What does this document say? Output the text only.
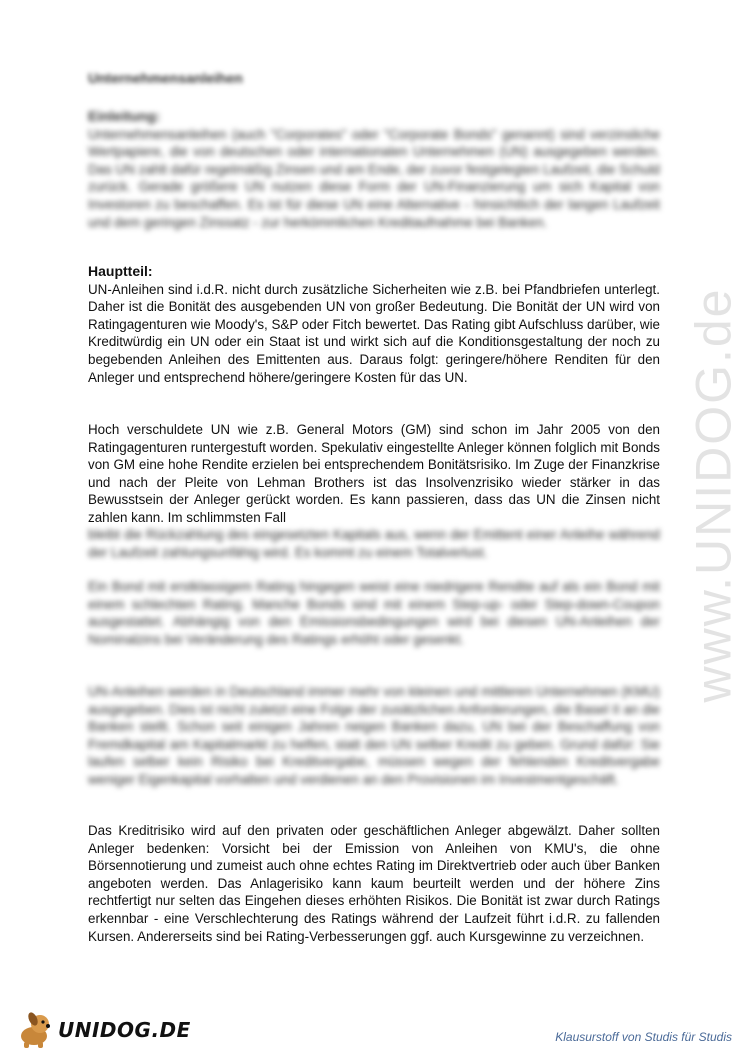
Unternehmensanleihen
Einleitung:
Unternehmensanleihen (auch "Corporates" oder "Corporate Bonds" genannt) sind verzinsliche Wertpapiere, die von deutschen oder internationalen Unternehmen (UN) ausgegeben werden. Das UN zahlt dafür regelmäßig Zinsen und am Ende, der zuvor festgelegten Laufzeit, die Schuld zurück. Gerade größere UN nutzen diese Form der UN-Finanzierung um sich Kapital von Investoren zu beschaffen. Es ist für diese UN eine Alternative - hinsichtlich der langen Laufzeit und dem geringen Zinssatz - zur herkömmlichen Kreditaufnahme bei Banken.
Hauptteil:
UN-Anleihen sind i.d.R. nicht durch zusätzliche Sicherheiten wie z.B. bei Pfandbriefen unterlegt. Daher ist die Bonität des ausgebenden UN von großer Bedeutung. Die Bonität der UN wird von Ratingagenturen wie Moody's, S&P oder Fitch bewertet. Das Rating gibt Aufschluss darüber, wie Kreditwürdig ein UN oder ein Staat ist und wirkt sich auf die Konditionsgestaltung der noch zu begebenden Anleihen des Emittenten aus. Daraus folgt: geringere/höhere Renditen für den Anleger und entsprechend höhere/geringere Kosten für das UN.
Hoch verschuldete UN wie z.B. General Motors (GM) sind schon im Jahr 2005 von den Ratingagenturen runtergestuft worden. Spekulativ eingestellte Anleger können folglich mit Bonds von GM eine hohe Rendite erzielen bei entsprechendem Bonitätsrisiko. Im Zuge der Finanzkrise und nach der Pleite von Lehman Brothers ist das Insolvenzrisiko wieder stärker in das Bewusstsein der Anleger gerückt worden. Es kann passieren, dass das UN die Zinsen nicht zahlen kann. Im schlimmsten Fall
bleibt die Rückzahlung des eingesetzten Kapitals aus, wenn der Emittent einer Anleihe während der Laufzeit zahlungsunfähig wird. Es kommt zu einem Totalverlust.
Ein Bond mit erstklassigem Rating hingegen weist eine niedrigere Rendite auf als ein Bond mit einem schlechten Rating. Manche Bonds sind mit einem Step-up- oder Step-down-Coupon ausgestattet. Abhängig von den Emissionsbedingungen wird bei diesen UN-Anleihen der Nominalzins bei Veränderung des Ratings erhöht oder gesenkt.
UN-Anleihen werden in Deutschland immer mehr von kleinen und mittleren Unternehmen (KMU) ausgegeben. Dies ist nicht zuletzt eine Folge der zusätzlichen Anforderungen, die Basel II an die Banken stellt. Schon seit einigen Jahren neigen Banken dazu, UN bei der Beschaffung von Fremdkapital am Kapitalmarkt zu helfen, statt den UN selber Kredit zu geben. Grund dafür: Sie laufen selber kein Risiko bei Kreditvergabe, müssen wegen der fehlenden Kreditvergabe weniger Eigenkapital vorhalten und verdienen an den Provisionen im Investmentgeschäft.
Das Kreditrisiko wird auf den privaten oder geschäftlichen Anleger abgewälzt. Daher sollten Anleger bedenken: Vorsicht bei der Emission von Anleihen von KMU's, die ohne Börsennotierung und zumeist auch ohne echtes Rating im Direktvertrieb oder auch über Banken angeboten werden. Das Anlagerisiko kann kaum beurteilt werden und der höhere Zins rechtfertigt nur selten das Eingehen dieses erhöhten Risikos. Die Bonität ist zwar durch Ratings erkennbar - eine Verschlechterung des Ratings während der Laufzeit führt i.d.R. zu fallenden Kursen. Andererseits sind bei Rating-Verbesserungen ggf. auch Kursgewinne zu verzeichnen.
www.UNIDOG.de
UNIDOG.DE	Klausurstoff von Studis für Studis
